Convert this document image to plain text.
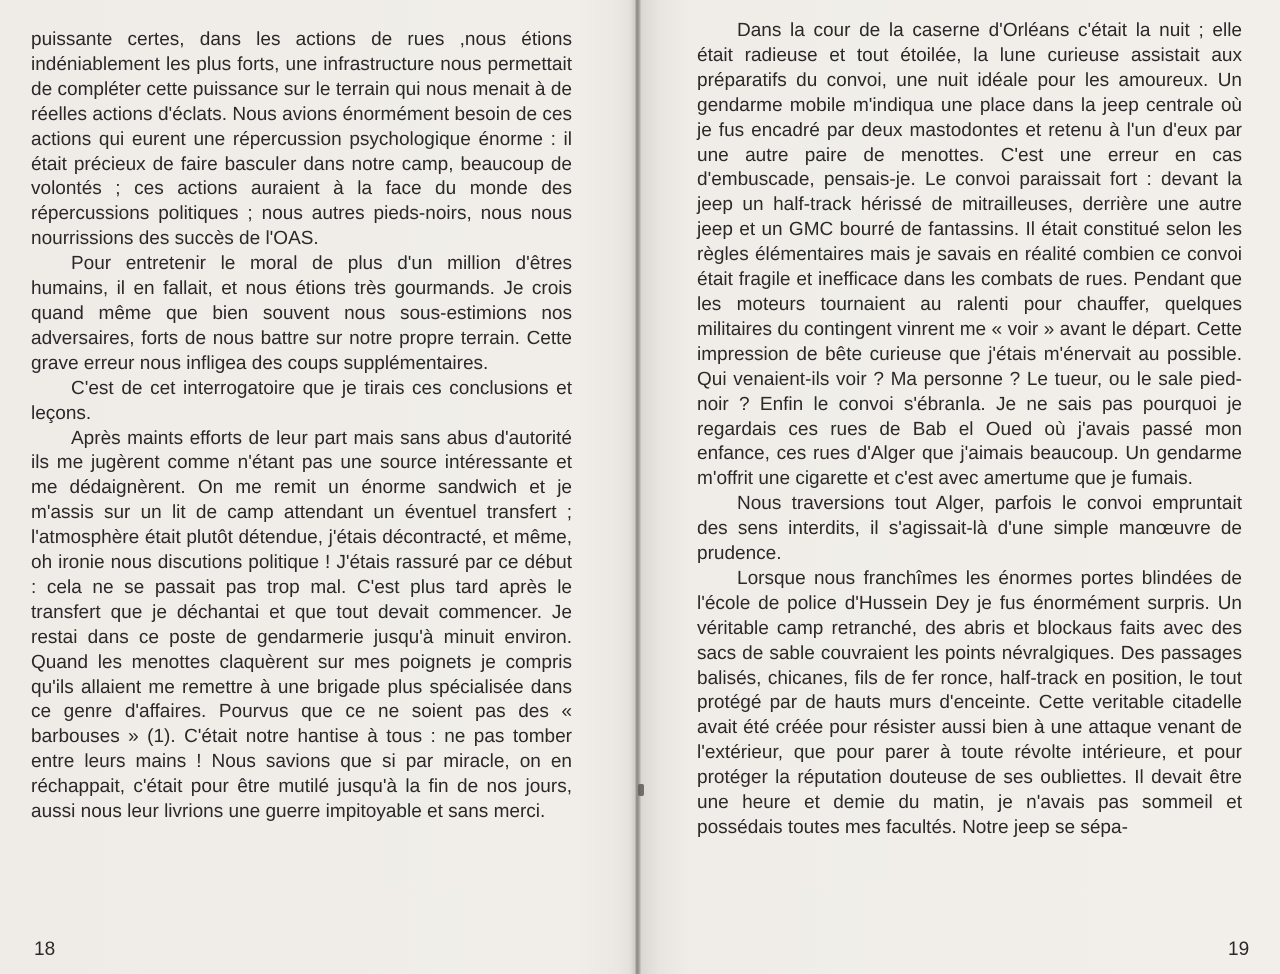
puissante certes, dans les actions de rues ,nous étions indéniablement les plus forts, une infrastructure nous permettait de compléter cette puissance sur le terrain qui nous menait à de réelles actions d'éclats. Nous avions énormément besoin de ces actions qui eurent une répercussion psychologique énorme : il était précieux de faire basculer dans notre camp, beaucoup de volontés ; ces actions auraient à la face du monde des répercussions politiques ; nous autres pieds-noirs, nous nous nourrissions des succès de l'OAS.

Pour entretenir le moral de plus d'un million d'êtres humains, il en fallait, et nous étions très gourmands. Je crois quand même que bien souvent nous sous-estimions nos adversaires, forts de nous battre sur notre propre terrain. Cette grave erreur nous infligea des coups supplémentaires.

C'est de cet interrogatoire que je tirais ces conclusions et leçons.

Après maints efforts de leur part mais sans abus d'autorité ils me jugèrent comme n'étant pas une source intéressante et me dédaignèrent. On me remit un énorme sandwich et je m'assis sur un lit de camp attendant un éventuel transfert ; l'atmosphère était plutôt détendue, j'étais décontracté, et même, oh ironie nous discutions politique ! J'étais rassuré par ce début : cela ne se passait pas trop mal. C'est plus tard après le transfert que je déchantai et que tout devait commencer. Je restai dans ce poste de gendarmerie jusqu'à minuit environ. Quand les menottes claquèrent sur mes poignets je compris qu'ils allaient me remettre à une brigade plus spécialisée dans ce genre d'affaires. Pourvus que ce ne soient pas des « barbouses » (1). C'était notre hantise à tous : ne pas tomber entre leurs mains ! Nous savions que si par miracle, on en réchappait, c'était pour être mutilé jusqu'à la fin de nos jours, aussi nous leur livrions une guerre impitoyable et sans merci.

18

Dans la cour de la caserne d'Orléans c'était la nuit ; elle était radieuse et tout étoilée, la lune curieuse assistait aux préparatifs du convoi, une nuit idéale pour les amoureux. Un gendarme mobile m'indiqua une place dans la jeep centrale où je fus encadré par deux mastodontes et retenu à l'un d'eux par une autre paire de menottes. C'est une erreur en cas d'embuscade, pensais-je. Le convoi paraissait fort : devant la jeep un half-track hérissé de mitrailleuses, derrière une autre jeep et un GMC bourré de fantassins. Il était constitué selon les règles élémentaires mais je savais en réalité combien ce convoi était fragile et inefficace dans les combats de rues. Pendant que les moteurs tournaient au ralenti pour chauffer, quelques militaires du contingent vinrent me « voir » avant le départ. Cette impression de bête curieuse que j'étais m'énervait au possible. Qui venaient-ils voir ? Ma personne ? Le tueur, ou le sale pied-noir ? Enfin le convoi s'ébranla. Je ne sais pas pourquoi je regardais ces rues de Bab el Oued où j'avais passé mon enfance, ces rues d'Alger que j'aimais beaucoup. Un gendarme m'offrit une cigarette et c'est avec amertume que je fumais.

Nous traversions tout Alger, parfois le convoi empruntait des sens interdits, il s'agissait-là d'une simple manœuvre de prudence.

Lorsque nous franchîmes les énormes portes blindées de l'école de police d'Hussein Dey je fus énormément surpris. Un véritable camp retranché, des abris et blockaus faits avec des sacs de sable couvraient les points névralgiques. Des passages balisés, chicanes, fils de fer ronce, half-track en position, le tout protégé par de hauts murs d'enceinte. Cette veritable citadelle avait été créée pour résister aussi bien à une attaque venant de l'extérieur, que pour parer à toute révolte intérieure, et pour protéger la réputation douteuse de ses oubliettes. Il devait être une heure et demie du matin, je n'avais pas sommeil et possédais toutes mes facultés. Notre jeep se sépa-

19
